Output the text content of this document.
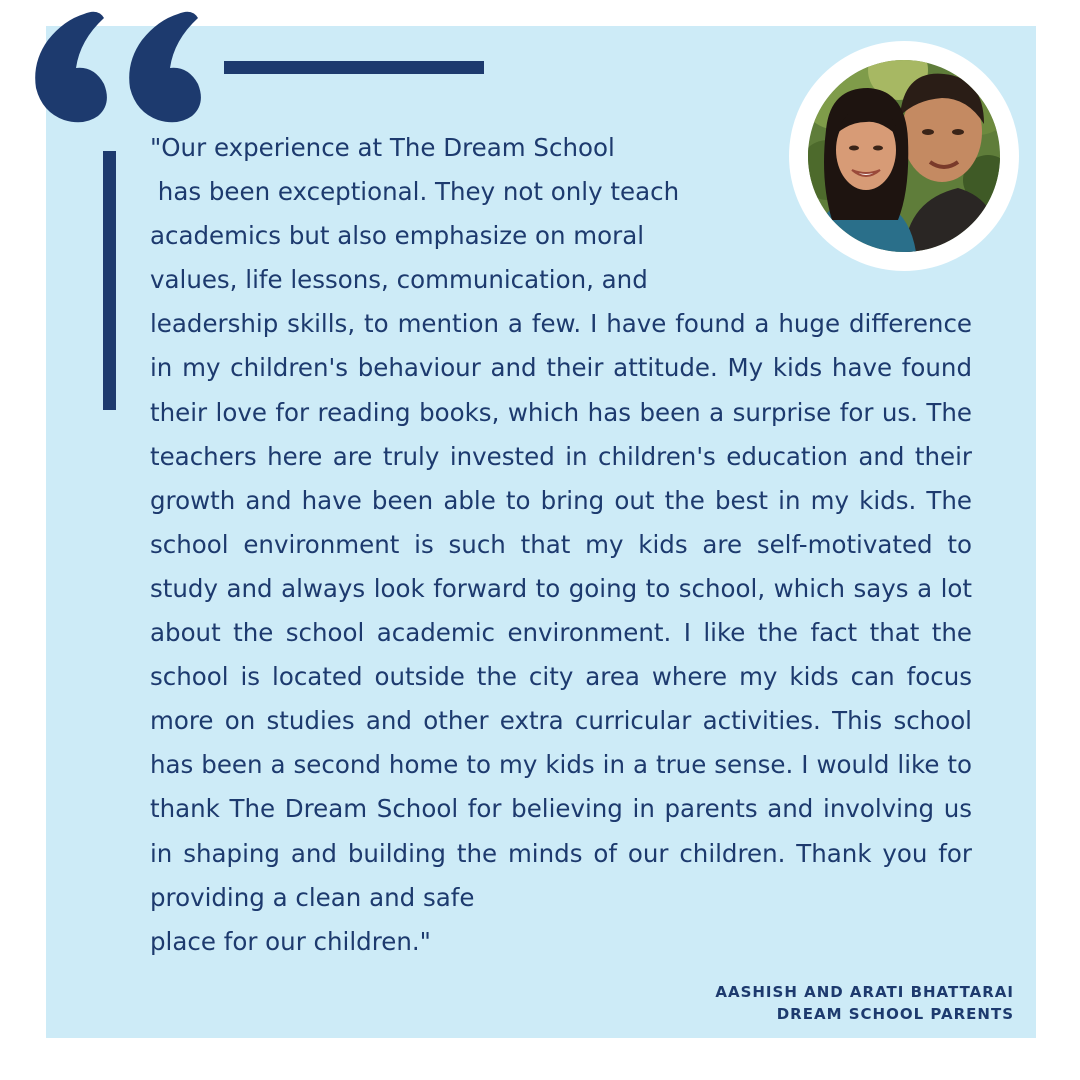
"Our experience at The Dream School
has been exceptional. They not only teach
academics but also emphasize on moral
values, life lessons, communication, and
leadership skills, to mention a few. I have found a huge difference in my children's behaviour and their attitude. My kids have found their love for reading books, which has been a surprise for us. The teachers here are truly invested in children's education and their growth and have been able to bring out the best in my kids. The school environment is such that my kids are self-motivated to study and always look forward to going to school, which says a lot about the school academic environment. I like the fact that the school is located outside the city area where my kids can focus more on studies and other extra curricular activities. This school has been a second home to my kids in a true sense. I would like to thank The Dream School for believing in parents and involving us in shaping and building the minds of our children. Thank you for providing a clean and safe
place for our children."

AASHISH AND ARATI BHATTARAI
DREAM SCHOOL PARENTS
